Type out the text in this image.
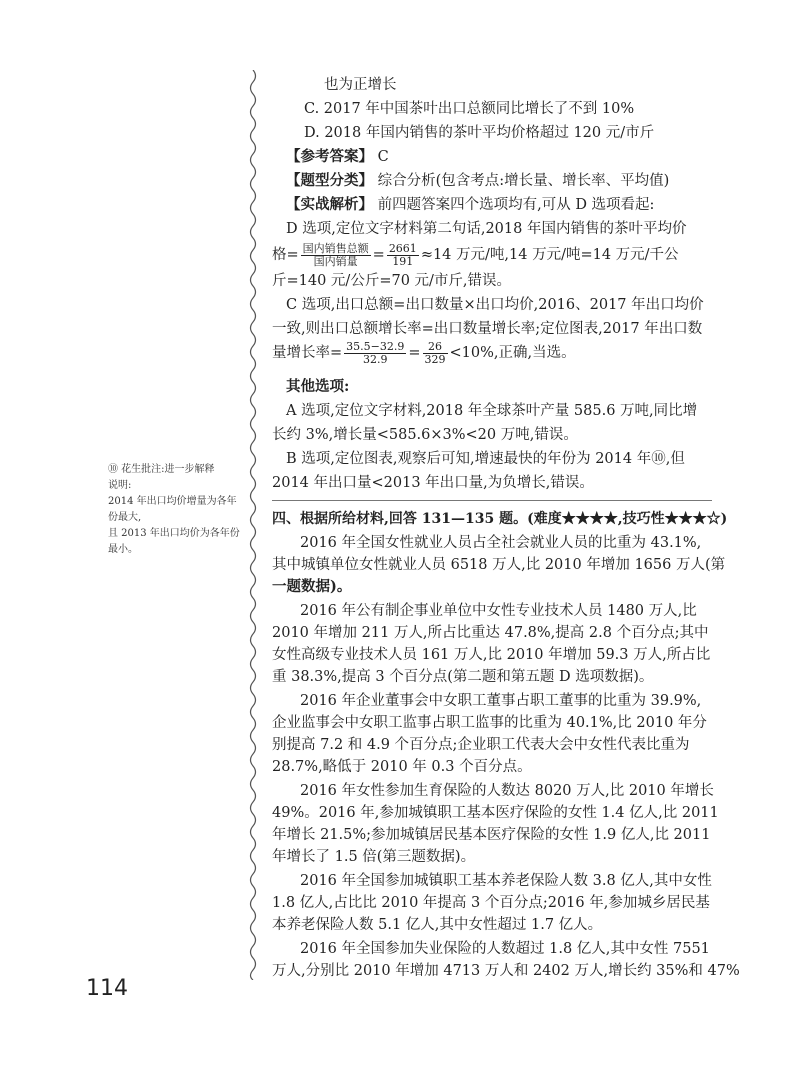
⑩ 花生批注:进一步解释
说明:
2014 年出口均价增量为各年
份最大,
且 2013 年出口均价为各年份
最小。
也为正增长
C. 2017 年中国茶叶出口总额同比增长了不到 10%
D. 2018 年国内销售的茶叶平均价格超过 120 元/市斤
【参考答案】 C
【题型分类】 综合分析(包含考点:增长量、增长率、平均值)
【实战解析】 前四题答案四个选项均有,可从 D 选项看起:
D 选项,定位文字材料第二句话,2018 年国内销售的茶叶平均价
格= $\frac{\text{国内销售总额}}{\text{国内销量}} = \frac{2661}{191} \approx 14$ 万元/吨,14 万元/吨=14 万元/千公
斤=140 元/公斤=70 元/市斤,错误。
C 选项,出口总额=出口数量×出口均价,2016、2017 年出口均价
一致,则出口总额增长率=出口数量增长率;定位图表,2017 年出口数
量增长率= $\frac{35.5-32.9}{32.9} = \frac{26}{329} <10\%$,正确,当选。
其他选项:
A 选项,定位文字材料,2018 年全球茶叶产量 585.6 万吨,同比增
长约 3%,增长量<585.6×3%<20 万吨,错误。
B 选项,定位图表,观察后可知,增速最快的年份为 2014 年⑩,但
2014 年出口量<2013 年出口量,为负增长,错误。
四、根据所给材料,回答 131—135 题。(难度★★★★,技巧性★★★☆)
2016 年全国女性就业人员占全社会就业人员的比重为 43.1%,
其中城镇单位女性就业人员 6518 万人,比 2010 年增加 1656 万人(第
一题数据)。
2016 年公有制企事业单位中女性专业技术人员 1480 万人,比
2010 年增加 211 万人,所占比重达 47.8%,提高 2.8 个百分点;其中
女性高级专业技术人员 161 万人,比 2010 年增加 59.3 万人,所占比
重 38.3%,提高 3 个百分点(第二题和第五题 D 选项数据)。
2016 年企业董事会中女职工董事占职工董事的比重为 39.9%,
企业监事会中女职工监事占职工监事的比重为 40.1%,比 2010 年分
别提高 7.2 和 4.9 个百分点;企业职工代表大会中女性代表比重为
28.7%,略低于 2010 年 0.3 个百分点。
2016 年女性参加生育保险的人数达 8020 万人,比 2010 年增长
49%。2016 年,参加城镇职工基本医疗保险的女性 1.4 亿人,比 2011
年增长 21.5%;参加城镇居民基本医疗保险的女性 1.9 亿人,比 2011
年增长了 1.5 倍(第三题数据)。
2016 年全国参加城镇职工基本养老保险人数 3.8 亿人,其中女性
1.8 亿人,占比比 2010 年提高 3 个百分点;2016 年,参加城乡居民基
本养老保险人数 5.1 亿人,其中女性超过 1.7 亿人。
2016 年全国参加失业保险的人数超过 1.8 亿人,其中女性 7551
万人,分别比 2010 年增加 4713 万人和 2402 万人,增长约 35%和 47%
114
